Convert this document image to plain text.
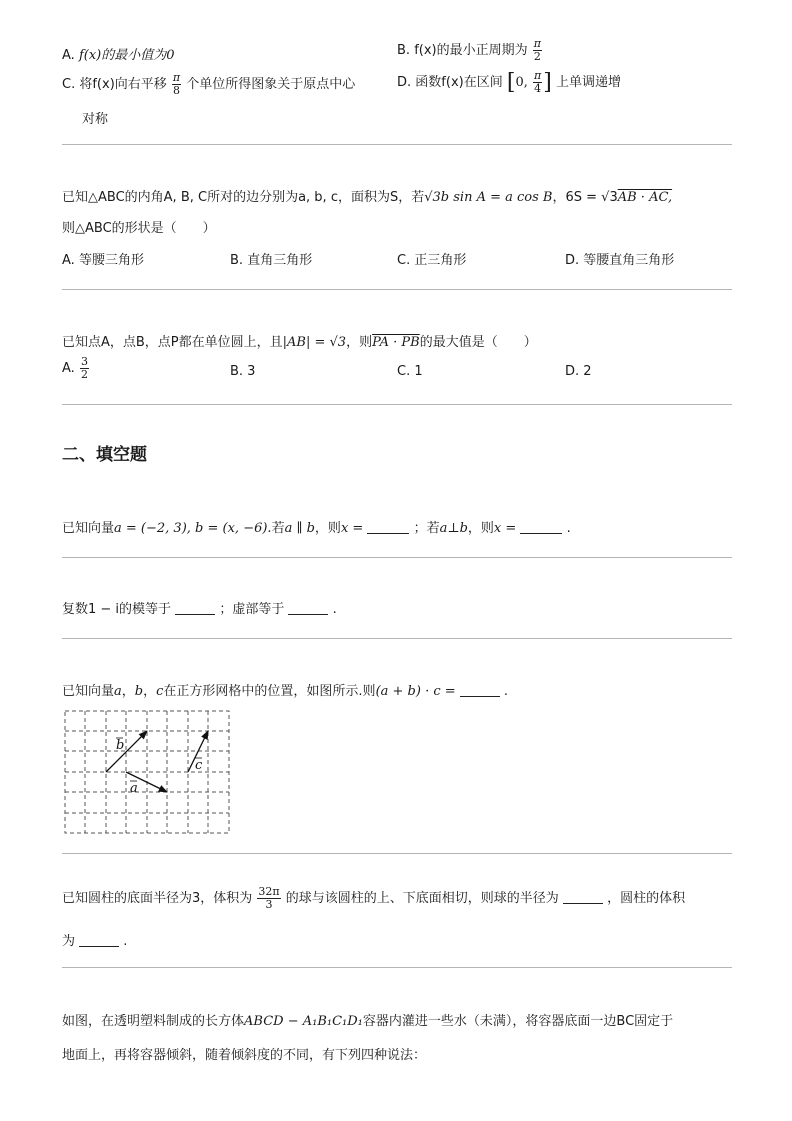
A. f(x)的最小值为0	B. f(x)的最小正周期为 $\frac{\pi}{2}$
C. 将f(x)向右平移 $\frac{\pi}{8}$ 个单位所得图象关于原点中心
对称
D. 函数f(x)在区间 [0, $\frac{\pi}{4}$ ] 上单调递增
已知△ABC的内角A, B, C所对的边分别为a, b, c，面积为S，若√3b sin A = a cos B，6S = √3AB · AC,
则△ABC的形状是（　　）
A. 等腰三角形	B. 直角三角形	C. 正三角形	D. 等腰直角三角形
已知点A，点B，点P都在单位圆上，且|AB| = √3，则PA · PB的最大值是（　　）
A. $\frac{3}{2}$	B. 3	C. 1	D. 2
二、填空题
已知向量a = (−2, 3), b = (x, −6).若a ∥ b，则x =	；若a⊥b，则x =	.
复数1 − i的模等于	；虚部等于	.
已知向量a，b，c在正方形网格中的位置，如图所示.则(a + b) · c =	.
b
a
c
已知圆柱的底面半径为3，体积为 $\frac{32\pi}{3}$ 的球与该圆柱的上、下底面相切，则球的半径为	，圆柱的体积
为	.
如图，在透明塑料制成的长方体ABCD − A₁B₁C₁D₁容器内灌进一些水（未满），将容器底面一边BC固定于
地面上，再将容器倾斜，随着倾斜度的不同，有下列四种说法：
